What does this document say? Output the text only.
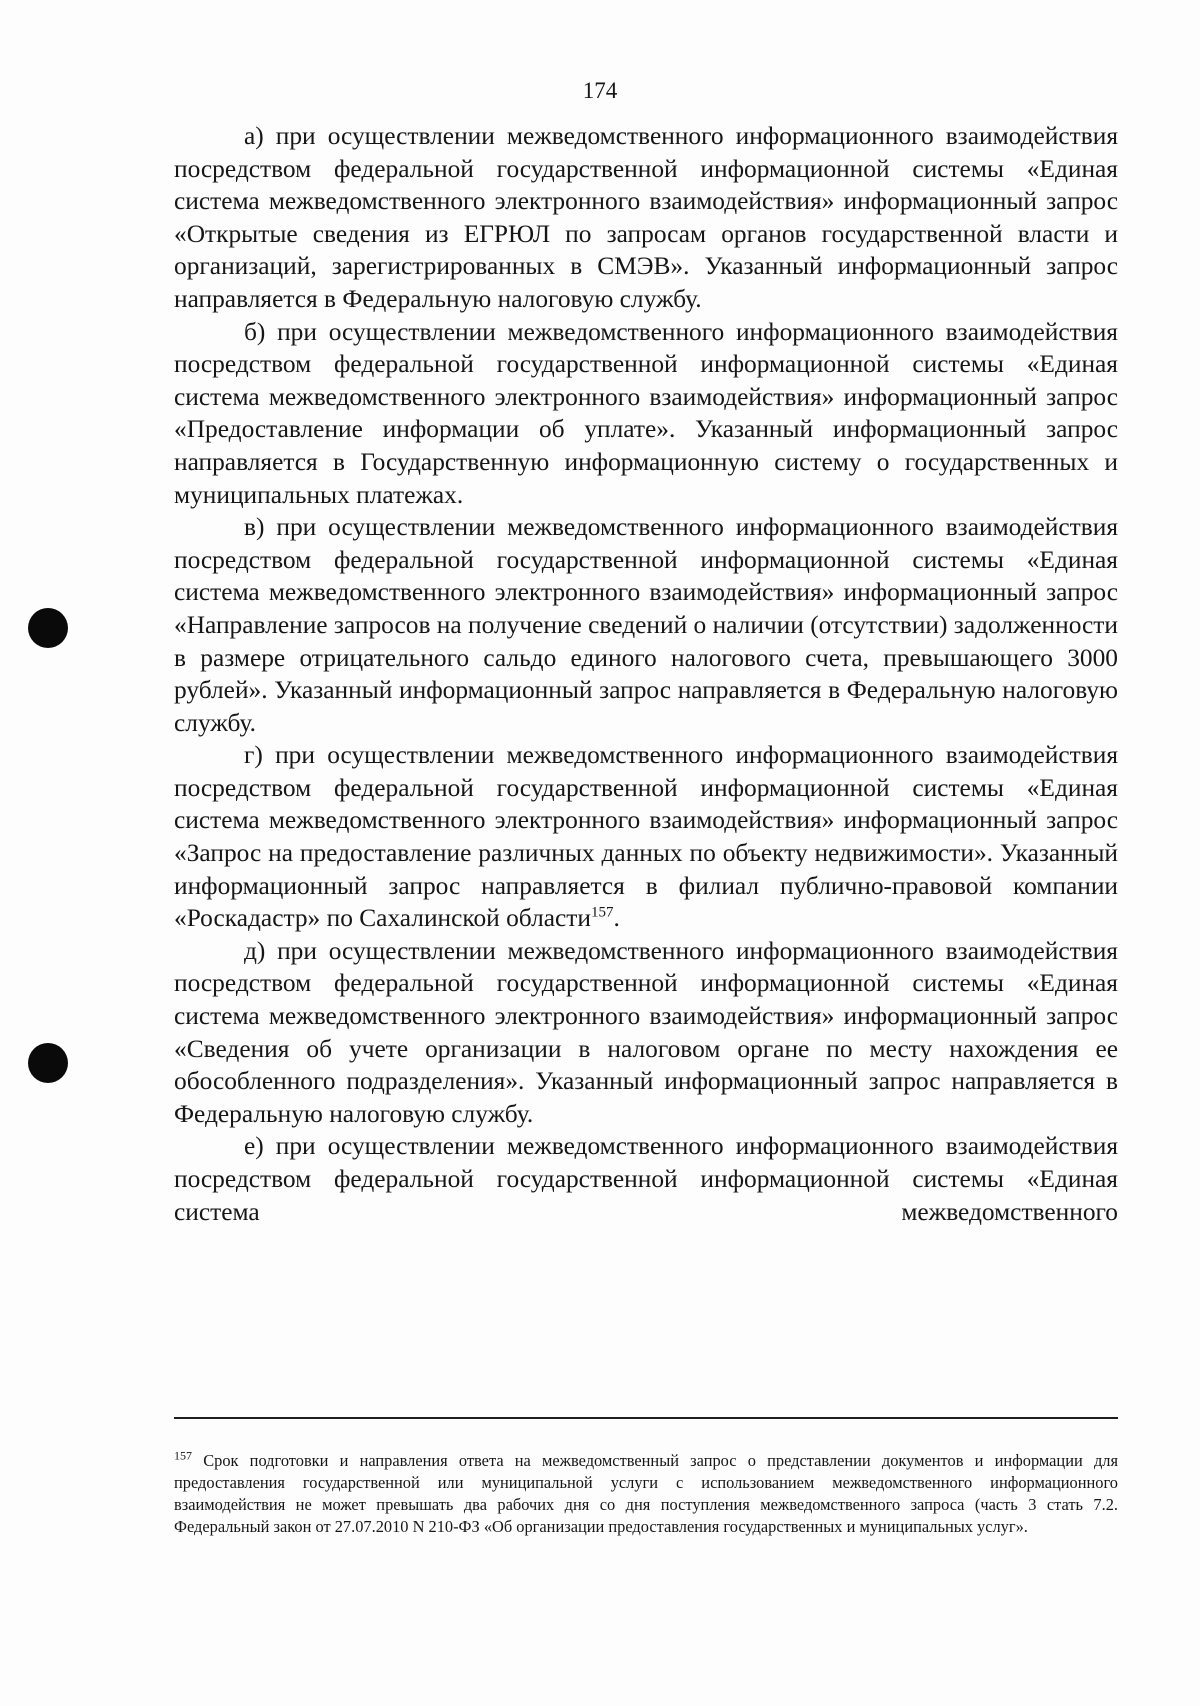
174

а) при осуществлении межведомственного информационного взаимодействия посредством федеральной государственной информационной системы «Единая система межведомственного электронного взаимодействия» информационный запрос «Открытые сведения из ЕГРЮЛ по запросам органов государственной власти и организаций, зарегистрированных в СМЭВ». Указанный информационный запрос направляется в Федеральную налоговую службу.

б) при осуществлении межведомственного информационного взаимодействия посредством федеральной государственной информационной системы «Единая система межведомственного электронного взаимодействия» информационный запрос «Предоставление информации об уплате». Указанный информационный запрос направляется в Государственную информационную систему о государственных и муниципальных платежах.

в) при осуществлении межведомственного информационного взаимодействия посредством федеральной государственной информационной системы «Единая система межведомственного электронного взаимодействия» информационный запрос «Направление запросов на получение сведений о наличии (отсутствии) задолженности в размере отрицательного сальдо единого налогового счета, превышающего 3000 рублей». Указанный информационный запрос направляется в Федеральную налоговую службу.

г) при осуществлении межведомственного информационного взаимодействия посредством федеральной государственной информационной системы «Единая система межведомственного электронного взаимодействия» информационный запрос «Запрос на предоставление различных данных по объекту недвижимости». Указанный информационный запрос направляется в филиал публично-правовой компании «Роскадастр» по Сахалинской области$^{157}$.

д) при осуществлении межведомственного информационного взаимодействия посредством федеральной государственной информационной системы «Единая система межведомственного электронного взаимодействия» информационный запрос «Сведения об учете организации в налоговом органе по месту нахождения ее обособленного подразделения». Указанный информационный запрос направляется в Федеральную налоговую службу.

е) при осуществлении межведомственного информационного взаимодействия посредством федеральной государственной информационной системы «Единая система межведомственного

$^{157}$ Срок подготовки и направления ответа на межведомственный запрос о представлении документов и информации для предоставления государственной или муниципальной услуги с использованием межведомственного информационного взаимодействия не может превышать два рабочих дня со дня поступления межведомственного запроса (часть 3 стать 7.2. Федеральный закон от 27.07.2010 N 210-ФЗ «Об организации предоставления государственных и муниципальных услуг».
